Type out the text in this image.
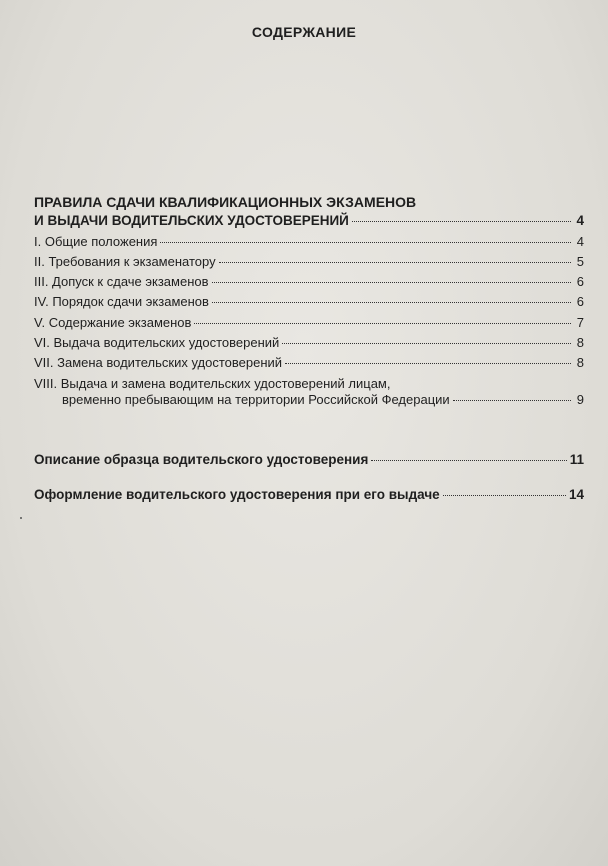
СОДЕРЖАНИЕ
ПРАВИЛА СДАЧИ КВАЛИФИКАЦИОННЫХ ЭКЗАМЕНОВ
И ВЫДАЧИ ВОДИТЕЛЬСКИХ УДОСТОВЕРЕНИЙ	4
I. Общие положения	4
II. Требования к экзаменатору	5
III. Допуск к сдаче экзаменов	6
IV. Порядок сдачи экзаменов	6
V. Содержание экзаменов	7
VI. Выдача водительских удостоверений	8
VII. Замена водительских удостоверений	8
VIII. Выдача и замена водительских удостоверений лицам,
временно пребывающим на территории Российской Федерации	9
Описание образца водительского удостоверения	11
Оформление водительского удостоверения при его выдаче	14
